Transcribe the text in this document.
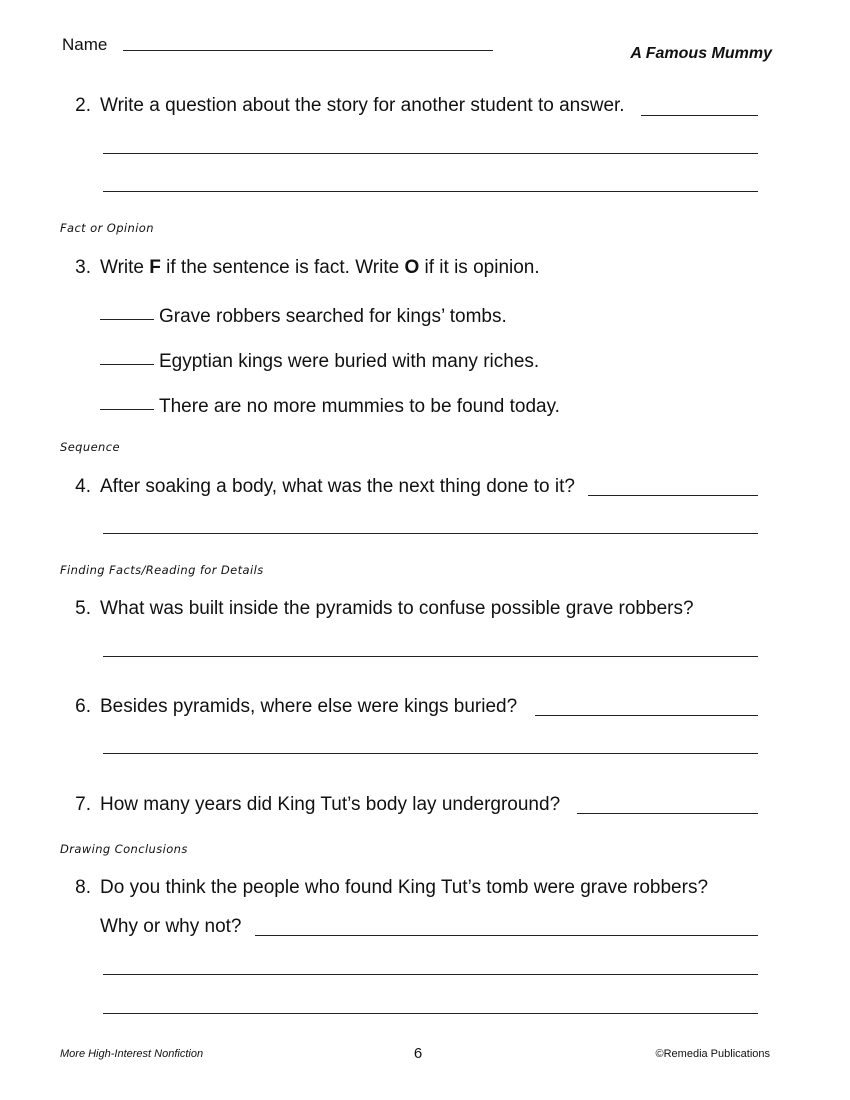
Name	A Famous Mummy
2. Write a question about the story for another student to answer.
Fact or Opinion
3. Write F if the sentence is fact. Write O if it is opinion.
Grave robbers searched for kings’ tombs.
Egyptian kings were buried with many riches.
There are no more mummies to be found today.
Sequence
4. After soaking a body, what was the next thing done to it?
Finding Facts/Reading for Details
5. What was built inside the pyramids to confuse possible grave robbers?
6. Besides pyramids, where else were kings buried?
7. How many years did King Tut’s body lay underground?
Drawing Conclusions
8. Do you think the people who found King Tut’s tomb were grave robbers?
Why or why not?
More High-Interest Nonfiction	6	©Remedia Publications
